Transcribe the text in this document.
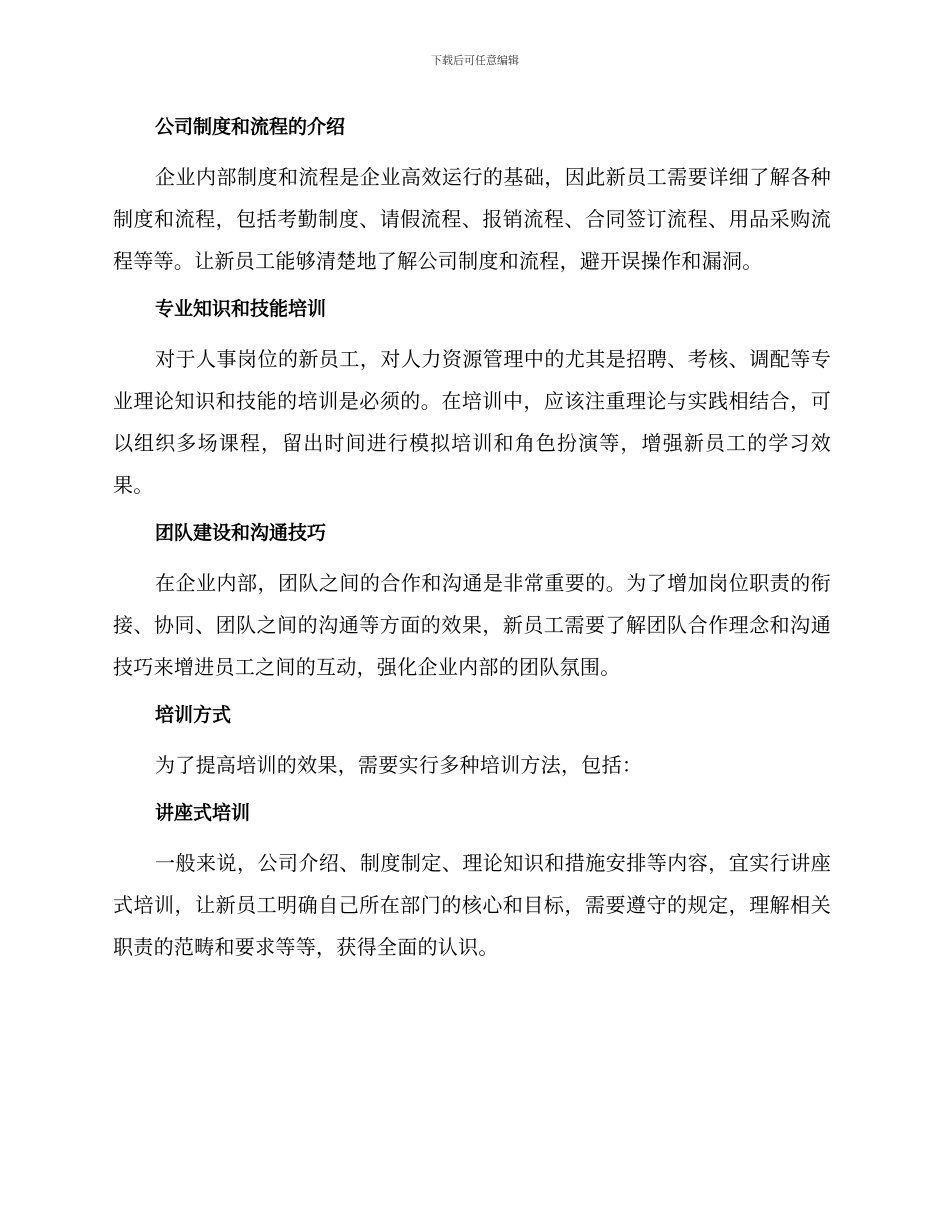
下载后可任意编辑
公司制度和流程的介绍

企业内部制度和流程是企业高效运行的基础，因此新员工需要详细了解各种制度和流程，包括考勤制度、请假流程、报销流程、合同签订流程、用品采购流程等等。让新员工能够清楚地了解公司制度和流程，避开误操作和漏洞。

专业知识和技能培训

对于人事岗位的新员工，对人力资源管理中的尤其是招聘、考核、调配等专业理论知识和技能的培训是必须的。在培训中，应该注重理论与实践相结合，可以组织多场课程，留出时间进行模拟培训和角色扮演等，增强新员工的学习效果。

团队建设和沟通技巧

在企业内部，团队之间的合作和沟通是非常重要的。为了增加岗位职责的衔接、协同、团队之间的沟通等方面的效果，新员工需要了解团队合作理念和沟通技巧来增进员工之间的互动，强化企业内部的团队氛围。

培训方式

为了提高培训的效果，需要实行多种培训方法，包括：

讲座式培训

一般来说，公司介绍、制度制定、理论知识和措施安排等内容，宜实行讲座式培训，让新员工明确自己所在部门的核心和目标，需要遵守的规定，理解相关职责的范畴和要求等等，获得全面的认识。
